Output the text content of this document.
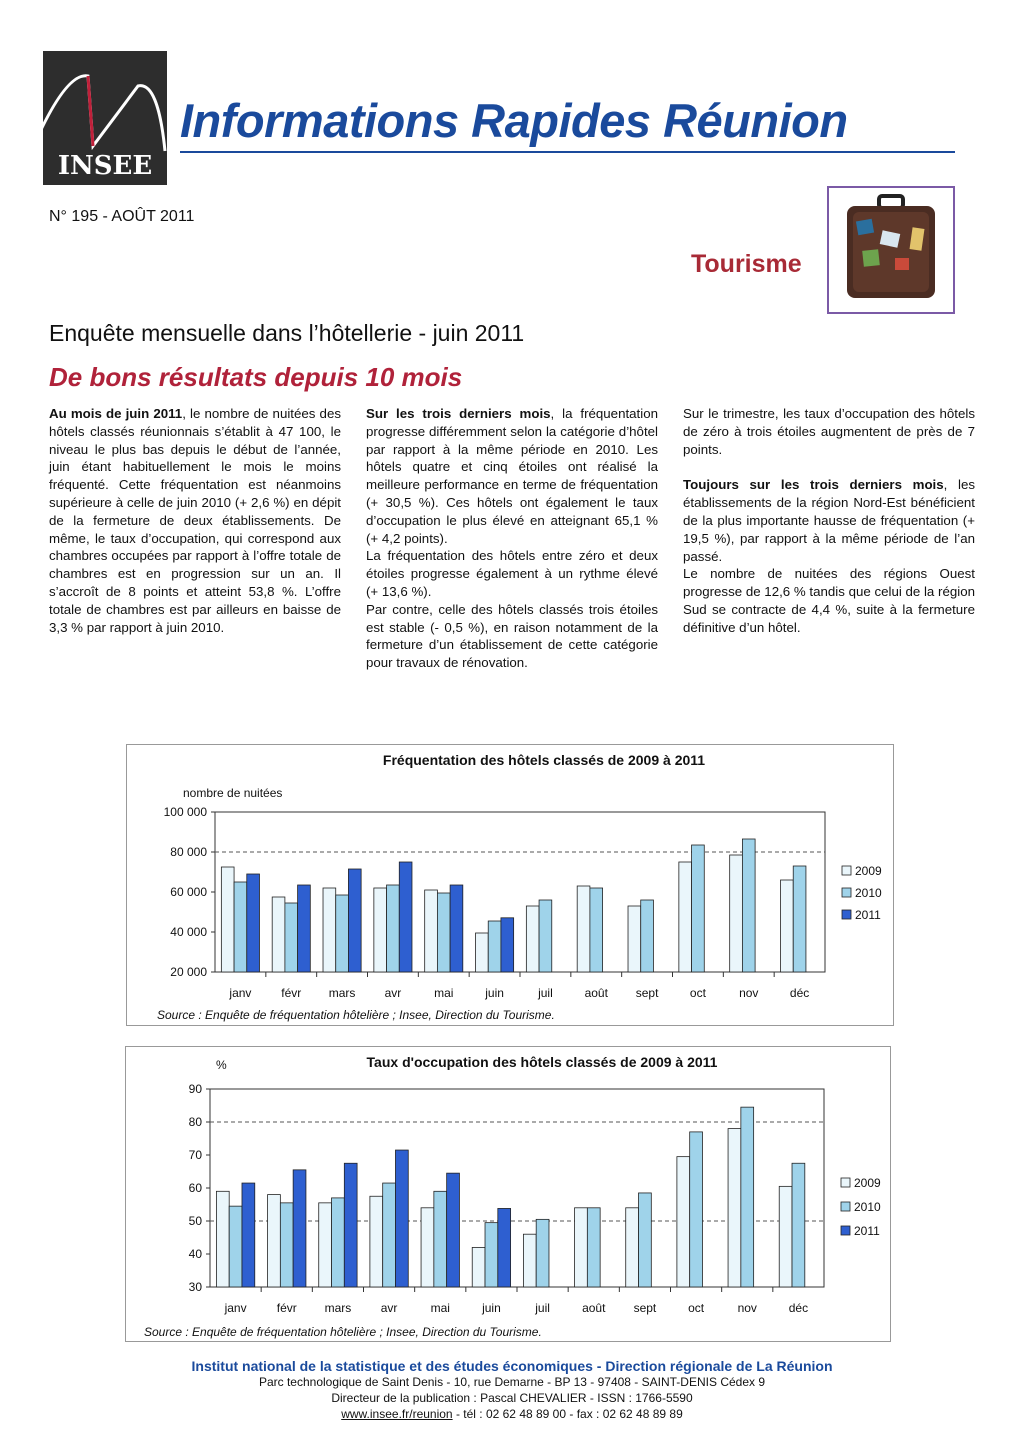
INSEE
Informations Rapides Réunion
N° 195 - AOÛT 2011
Tourisme
Enquête mensuelle dans l’hôtellerie - juin 2011
De bons résultats depuis 10 mois

Au mois de juin 2011, le nombre de nuitées des hôtels classés réunionnais s’établit à 47 100, le niveau le plus bas depuis le début de l’année, juin étant habituellement le mois le moins fréquenté. Cette fréquentation est néanmoins supérieure à celle de juin 2010 (+ 2,6 %) en dépit de la fermeture de deux établissements. De même, le taux d’occupation, qui correspond aux chambres occupées par rapport à l’offre totale de chambres est en progression sur un an. Il s’accroît de 8 points et atteint 53,8 %. L’offre totale de chambres est par ailleurs en baisse de 3,3 % par rapport à juin 2010.

Sur les trois derniers mois, la fréquentation progresse différemment selon la catégorie d’hôtel par rapport à la même période en 2010. Les hôtels quatre et cinq étoiles ont réalisé la meilleure performance en terme de fréquentation (+ 30,5 %). Ces hôtels ont également le taux d’occupation le plus élevé en atteignant 65,1 % (+ 4,2 points).

La fréquentation des hôtels entre zéro et deux étoiles progresse également à un rythme élevé (+ 13,6 %).

Par contre, celle des hôtels classés trois étoiles est stable (- 0,5 %), en raison notamment de la fermeture d’un établissement de cette catégorie pour travaux de rénovation.

Sur le trimestre, les taux d’occupation des hôtels de zéro à trois étoiles augmentent de près de 7 points.

Toujours sur les trois derniers mois, les établissements de la région Nord-Est bénéficient de la plus importante hausse de fréquentation (+ 19,5 %), par rapport à la même période de l’an passé.

Le nombre de nuitées des régions Ouest progresse de 12,6 % tandis que celui de la région Sud se contracte de 4,4 %, suite à la fermeture définitive d’un hôtel.

Fréquentation des hôtels classés de 2009 à 2011
nombre de nuitées
20 000
40 000
60 000
80 000
100 000
janv févr mars avr	mai	juin	juil	août sept	oct	nov	déc
2009
2010
2011
Source : Enquête de fréquentation hôtelière ; Insee, Direction du Tourisme.
Taux d'occupation des hôtels classés de 2009 à 2011
%
30
40
50
60
70
80
90
janv	févr mars avr	mai	juin	juil	août sept	oct	nov	déc
2009
2010
2011
Source : Enquête de fréquentation hôtelière ; Insee, Direction du Tourisme.
Institut national de la statistique et des études économiques - Direction régionale de La Réunion
Parc technologique de Saint Denis - 10, rue Demarne - BP 13 - 97408 - SAINT-DENIS Cédex 9
Directeur de la publication : Pascal CHEVALIER - ISSN : 1766-5590
www.insee.fr/reunion - tél : 02 62 48 89 00 - fax : 02 62 48 89 89
